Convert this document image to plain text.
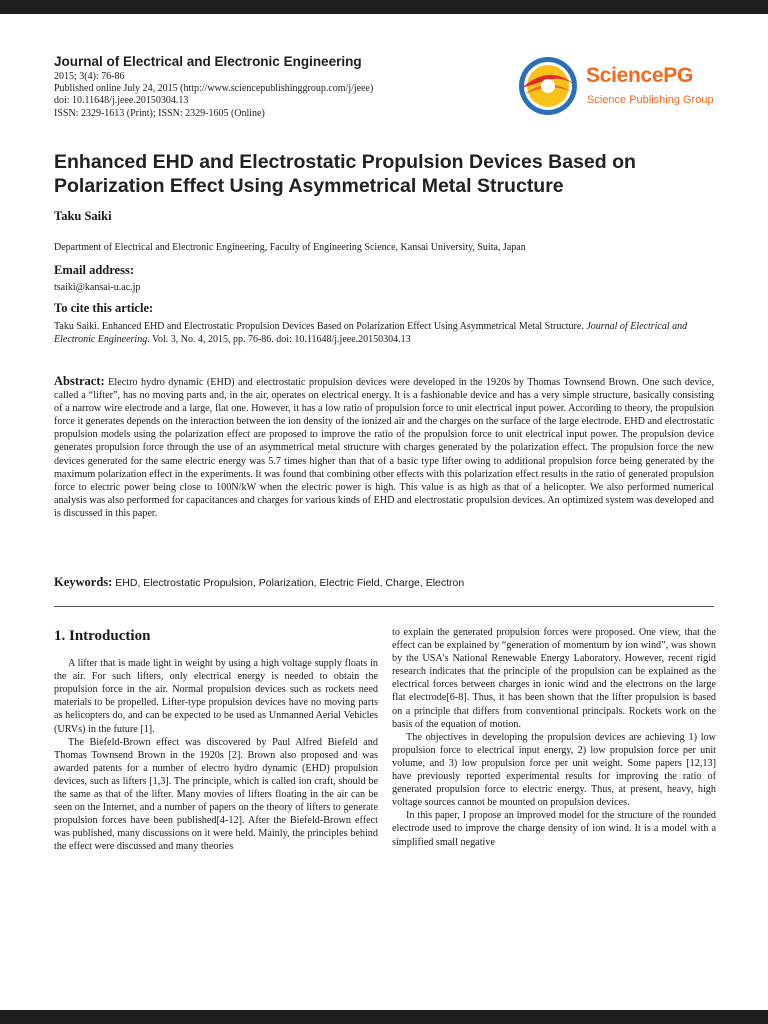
Journal of Electrical and Electronic Engineering
2015; 3(4): 76-86
Published online July 24, 2015 (http://www.sciencepublishinggroup.com/j/jeee)
doi: 10.11648/j.jeee.20150304.13
ISSN: 2329-1613 (Print); ISSN: 2329-1605 (Online)
SciencePG
Science Publishing Group
Enhanced EHD and Electrostatic Propulsion Devices Based on Polarization Effect Using Asymmetrical Metal Structure
Taku Saiki
Department of Electrical and Electronic Engineering, Faculty of Engineering Science, Kansai University, Suita, Japan
Email address:
tsaiki@kansai-u.ac.jp
To cite this article:
Taku Saiki. Enhanced EHD and Electrostatic Propulsion Devices Based on Polarization Effect Using Asymmetrical Metal Structure. Journal of Electrical and Electronic Engineering. Vol. 3, No. 4, 2015, pp. 76-86. doi: 10.11648/j.jeee.20150304.13
Abstract: Electro hydro dynamic (EHD) and electrostatic propulsion devices were developed in the 1920s by Thomas Townsend Brown. One such device, called a “lifter”, has no moving parts and, in the air, operates on electrical energy. It is a fashionable device and has a very simple structure, basically consisting of a narrow wire electrode and a large, flat one. However, it has a low ratio of propulsion force to unit electrical input power. According to theory, the propulsion force it generates depends on the interaction between the ion density of the ionized air and the charges on the surface of the large electrode. EHD and electrostatic propulsion models using the polarization effect are proposed to improve the ratio of the propulsion force to unit electrical input power. The propulsion device generates propulsion force through the use of an asymmetrical metal structure with charges generated by the polarization effect. The propulsion force the new devices generated for the same electric energy was 5.7 times higher than that of a basic type lifter owing to additional propulsion force being generated by the maximum polarization effect in the experiments. It was found that combining other effects with this polarization effect results in the ratio of generated propulsion force to electric power being close to 100N/kW when the electric power is high. This value is as high as that of a helicopter. We also performed numerical analysis was also performed for capacitances and charges for various kinds of EHD and electrostatic propulsion devices. An optimized system was developed and is discussed in this paper.
Keywords: EHD, Electrostatic Propulsion, Polarization, Electric Field, Charge, Electron
1. Introduction

A lifter that is made light in weight by using a high voltage supply floats in the air. For such lifters, only electrical energy is needed to obtain the propulsion force in the air. Normal propulsion devices such as rockets need materials to be propelled. Lifter-type propulsion devices have no moving parts as helicopters do, and can be expected to be used as Unmanned Aerial Vehicles (URVs) in the future [1].

The Biefeld-Brown effect was discovered by Paul Alfred Biefeld and Thomas Townsend Brown in the 1920s [2]. Brown also proposed and was awarded patents for a number of electro hydro dynamic (EHD) propulsion devices, such as lifters [1,3]. The principle, which is called ion craft, should be the same as that of the lifter. Many movies of lifters floating in the air can be seen on the Internet, and a number of papers on the theory of lifters to generate propulsion forces have been published[4-12]. After the Biefeld-Brown effect was published, many discussions on it were held. Mainly, the principles behind the effect were discussed and many theories

to explain the generated propulsion forces were proposed. One view, that the effect can be explained by “generation of momentum by ion wind”, was shown by the USA's National Renewable Energy Laboratory. However, recent rigid research indicates that the principle of the propulsion can be explained as the electrical forces between charges in ionic wind and the electrons on the large flat electrode[6-8]. Thus, it has been shown that the lifter propulsion is based on a principle that differs from conventional principals. Rockets work on the basis of the equation of motion.

The objectives in developing the propulsion devices are achieving 1) low propulsion force to electrical input energy, 2) low propulsion force per unit volume, and 3) low propulsion force per unit weight. Some papers [12,13] have previously reported experimental results for improving the ratio of generated propulsion force to electric energy. Thus, at present, heavy, high voltage sources cannot be mounted on propulsion devices.

In this paper, I propose an improved model for the structure of the rounded electrode used to improve the charge density of ion wind. It is a model with a simplified small negative
